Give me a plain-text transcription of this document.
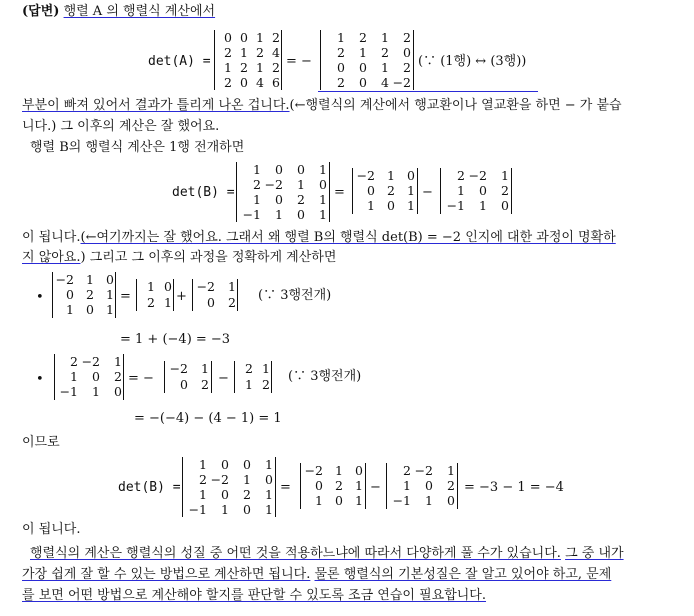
(답변) 행렬 A 의 행렬식 계산에서
det(A) =
0 0 1 2
2 1 2 4
1 2 1 2
2 0 4 6
= −
1	2	1	2
2	1	2	0
0	0	1	2
2	0	4 −2
(∵ (1행) ↔ (3행))
부분이 빠져 있어서 결과가 틀리게 나온 겁니다.(←행렬식의 계산에서 행교환이나 열교환을 하면 − 가 붙습
니다.) 그 이후의 계산은 잘 했어요.
행렬 B의 행렬식 계산은 1행 전개하면
det(B) =
1	0	0	1
2 −2	1	0
1	0	2	1
−1	1	0	1
=
−2 1 0
0 2 1
1 0 1
−
2 −2	1
1	0	2
−1	1	0
이 됩니다.(←여기까지는 잘 했어요. 그래서 왜 행렬 B의 행렬식 det(B) = −2 인지에 대한 과정이 명확하
지 않아요.) 그리고 그 이후의 과정을 정확하게 계산하면
•
−2 1 0
0 2 1
1 0 1
=
1 0
2 1 +
−2	1
0	2 (∵ 3행전개)
= 1 + (−4) = −3
•
2 −2	1
1	0	2
−1	1	0
= −
−2	1
0	2 −
2 1
1 2
(∵ 3행전개)
= −(−4) − (4 − 1) = 1
이므로
det(B) =
1	0	0	1
2 −2	1	0
1	0	2	1
−1	1	0	1
=
−2 1 0
0 2 1
1 0 1
−
2 −2	1
1	0	2
−1	1	0
= −3 − 1 = −4
이 됩니다.
행렬식의 계산은 행렬식의 성질 중 어떤 것을 적용하느냐에 따라서 다양하게 풀 수가 있습니다. 그 중 내가
가장 쉽게 잘 할 수 있는 방법으로 계산하면 됩니다. 물론 행렬식의 기본성질은 잘 알고 있어야 하고, 문제
를 보면 어떤 방법으로 계산해야 할지를 판단할 수 있도록 조금 연습이 필요합니다.
